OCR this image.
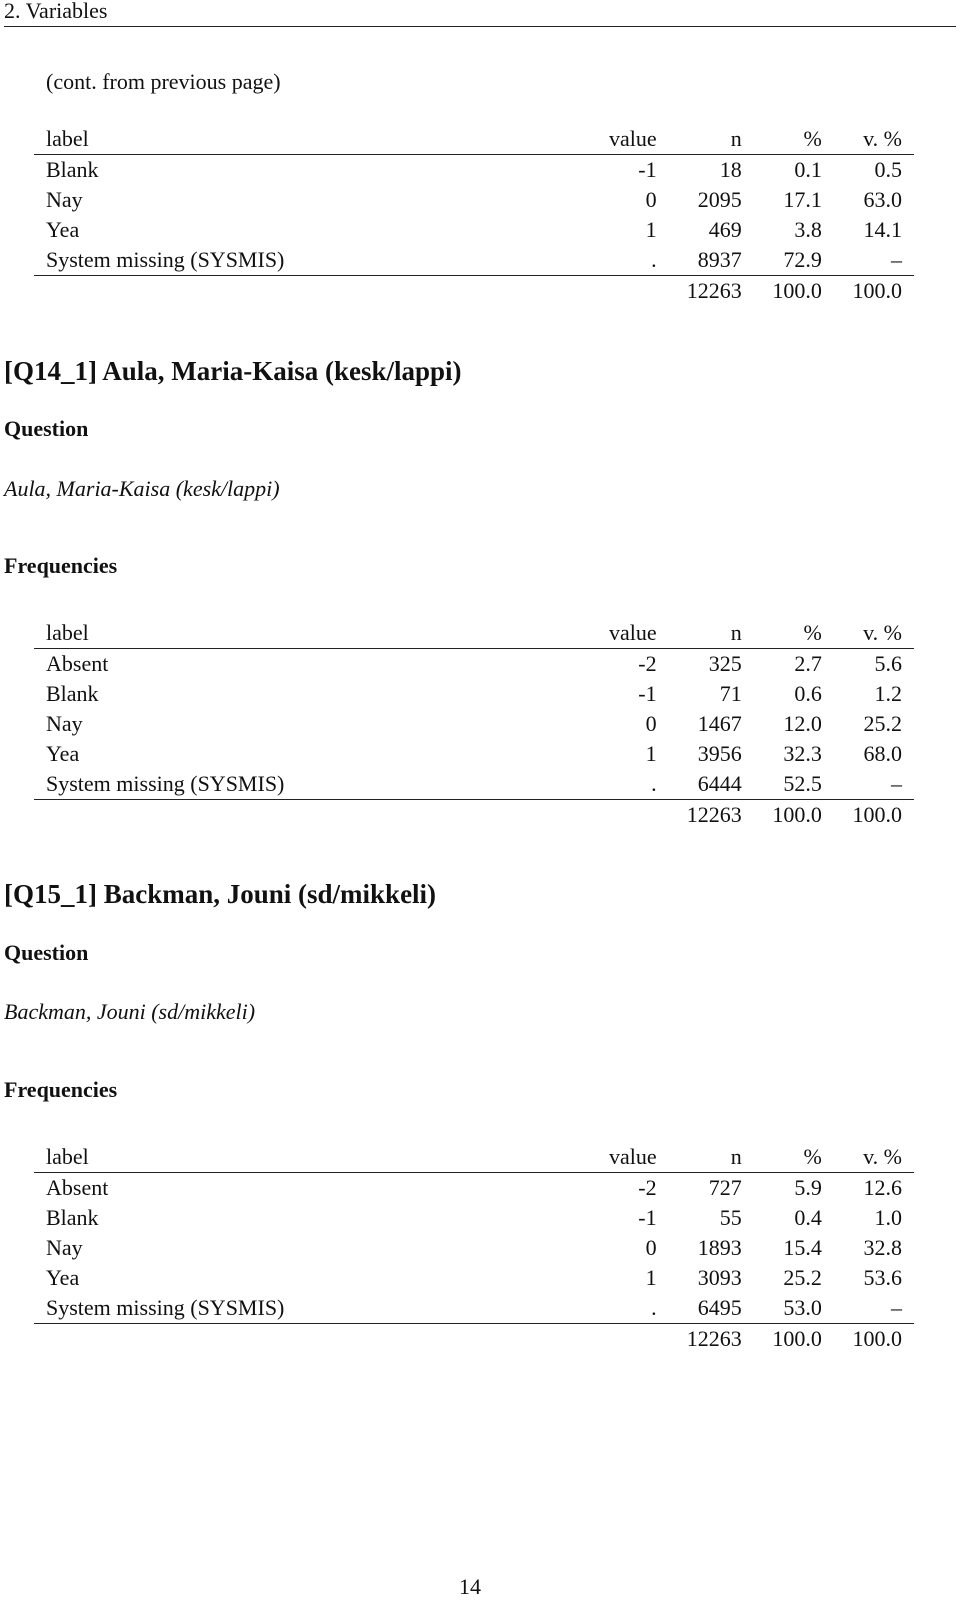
2. Variables
(cont. from previous page)
label	value	n	%	v. %
Blank	-1	18	0.1	0.5
Nay	0	2095	17.1	63.0
Yea	1	469	3.8	14.1
System missing (SYSMIS)	.	8937	72.9	–
		12263	100.0	100.0
[Q14_1] Aula, Maria-Kaisa (kesk/lappi)
Question
Aula, Maria-Kaisa (kesk/lappi)
Frequencies
label	value	n	%	v. %
Absent	-2	325	2.7	5.6
Blank	-1	71	0.6	1.2
Nay	0	1467	12.0	25.2
Yea	1	3956	32.3	68.0
System missing (SYSMIS)	.	6444	52.5	–
		12263	100.0	100.0
[Q15_1] Backman, Jouni (sd/mikkeli)
Question
Backman, Jouni (sd/mikkeli)
Frequencies
label	value	n	%	v. %
Absent	-2	727	5.9	12.6
Blank	-1	55	0.4	1.0
Nay	0	1893	15.4	32.8
Yea	1	3093	25.2	53.6
System missing (SYSMIS)	.	6495	53.0	–
		12263	100.0	100.0
14
